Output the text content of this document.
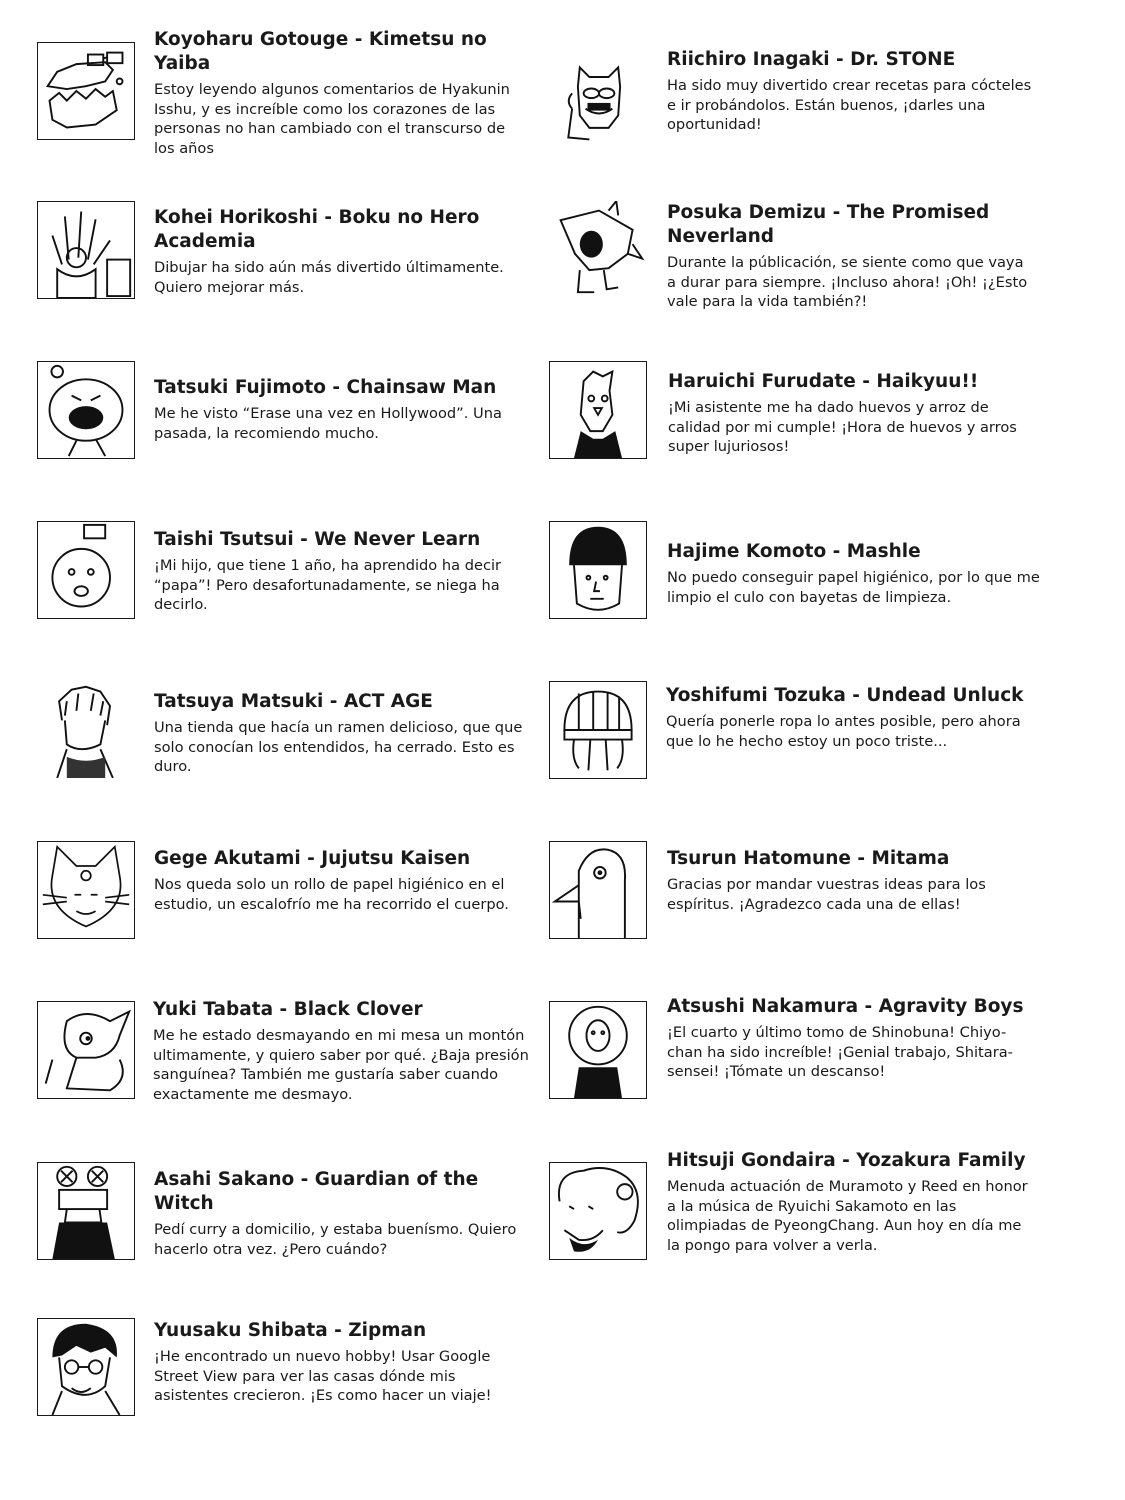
Koyoharu Gotouge - Kimetsu no Yaiba

Estoy leyendo algunos comentarios de Hyakunin Isshu, y es increíble como los corazones de las personas no han cambiado con el transcurso de los años

Riichiro Inagaki - Dr. STONE

Ha sido muy divertido crear recetas para cócteles e ir probándolos. Están buenos, ¡darles una oportunidad!

Kohei Horikoshi - Boku no Hero Academia

Dibujar ha sido aún más divertido últimamente. Quiero mejorar más.

Posuka Demizu - The Promised Neverland

Durante la públicación, se siente como que vaya a durar para siempre. ¡Incluso ahora! ¡Oh! ¡¿Esto vale para la vida también?!

Tatsuki Fujimoto - Chainsaw Man

Me he visto “Erase una vez en Hollywood”. Una pasada, la recomiendo mucho.

Haruichi Furudate - Haikyuu!!

¡Mi asistente me ha dado huevos y arroz de calidad por mi cumple! ¡Hora de huevos y arros super lujuriosos!

Taishi Tsutsui - We Never Learn

¡Mi hijo, que tiene 1 año, ha aprendido ha decir “papa”! Pero desafortunadamente, se niega ha decirlo.

Hajime Komoto - Mashle

No puedo conseguir papel higiénico, por lo que me limpio el culo con bayetas de limpieza.

Tatsuya Matsuki - ACT AGE

Una tienda que hacía un ramen delicioso, que que solo conocían los entendidos, ha cerrado. Esto es duro.

Yoshifumi Tozuka - Undead Unluck

Quería ponerle ropa lo antes posible, pero ahora que lo he hecho estoy un poco triste...

Gege Akutami - Jujutsu Kaisen

Nos queda solo un rollo de papel higiénico en el estudio, un escalofrío me ha recorrido el cuerpo.

Tsurun Hatomune - Mitama

Gracias por mandar vuestras ideas para los espíritus. ¡Agradezco cada una de ellas!

Yuki Tabata - Black Clover

Me he estado desmayando en mi mesa un montón ultimamente, y quiero saber por qué. ¿Baja presión sanguínea? También me gustaría saber cuando exactamente me desmayo.

Atsushi Nakamura - Agravity Boys

¡El cuarto y último tomo de Shinobuna! Chiyo-chan ha sido increíble! ¡Genial trabajo, Shitara-sensei! ¡Tómate un descanso!

Asahi Sakano - Guardian of the Witch

Pedí curry a domicilio, y estaba buenísmo. Quiero hacerlo otra vez. ¿Pero cuándo?

Hitsuji Gondaira - Yozakura Family

Menuda actuación de Muramoto y Reed en honor a la música de Ryuichi Sakamoto en las olimpiadas de PyeongChang. Aun hoy en día me la pongo para volver a verla.

Yuusaku Shibata - Zipman

¡He encontrado un nuevo hobby! Usar Google Street View para ver las casas dónde mis asistentes crecieron. ¡Es como hacer un viaje!
